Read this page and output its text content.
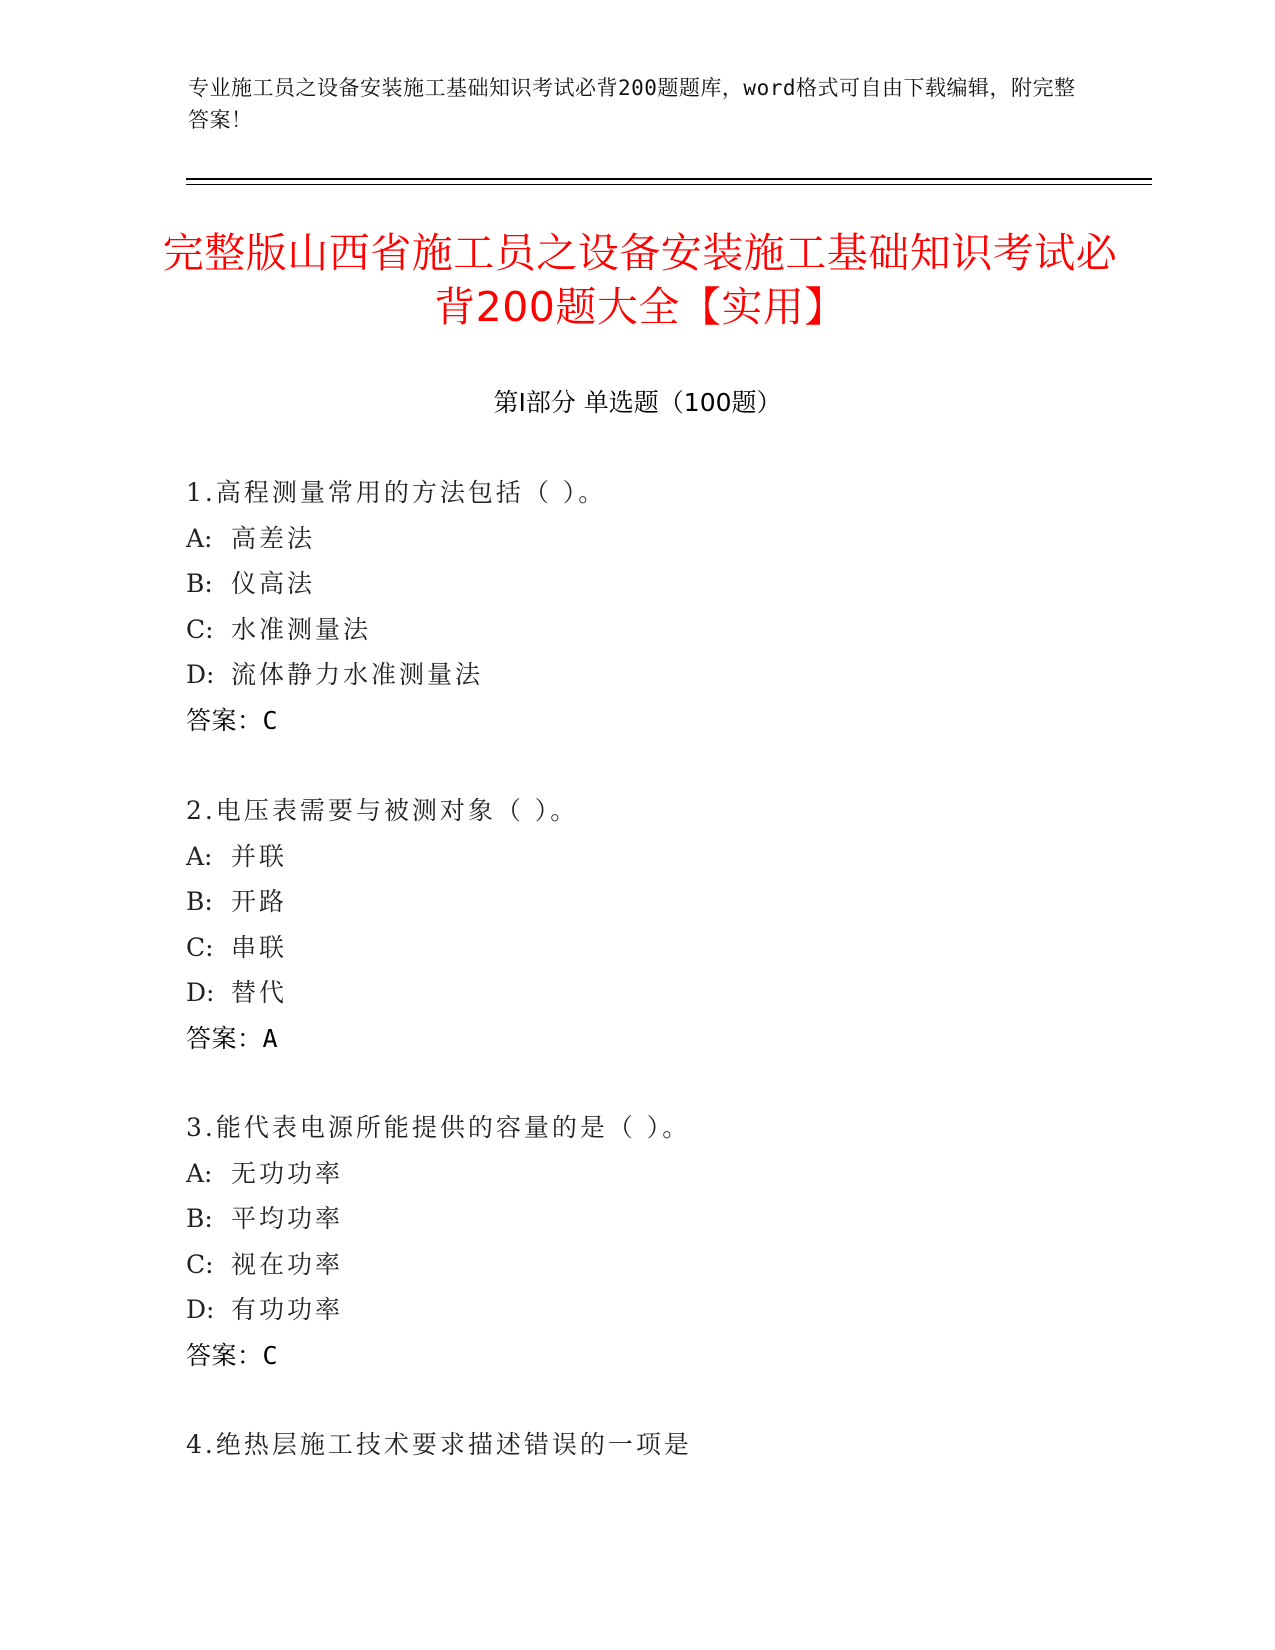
专业施工员之设备安装施工基础知识考试必背200题题库，word格式可自由下载编辑，附完整答案！
完整版山西省施工员之设备安装施工基础知识考试必背200题大全【实用】
第Ⅰ部分 单选题（100题）
1.高程测量常用的方法包括（ ）。
A: 高差法
B: 仪高法
C: 水准测量法
D: 流体静力水准测量法
答案：C
2.电压表需要与被测对象（ ）。
A: 并联
B: 开路
C: 串联
D: 替代
答案：A
3.能代表电源所能提供的容量的是（ ）。
A: 无功功率
B: 平均功率
C: 视在功率
D: 有功功率
答案：C
4.绝热层施工技术要求描述错误的一项是
